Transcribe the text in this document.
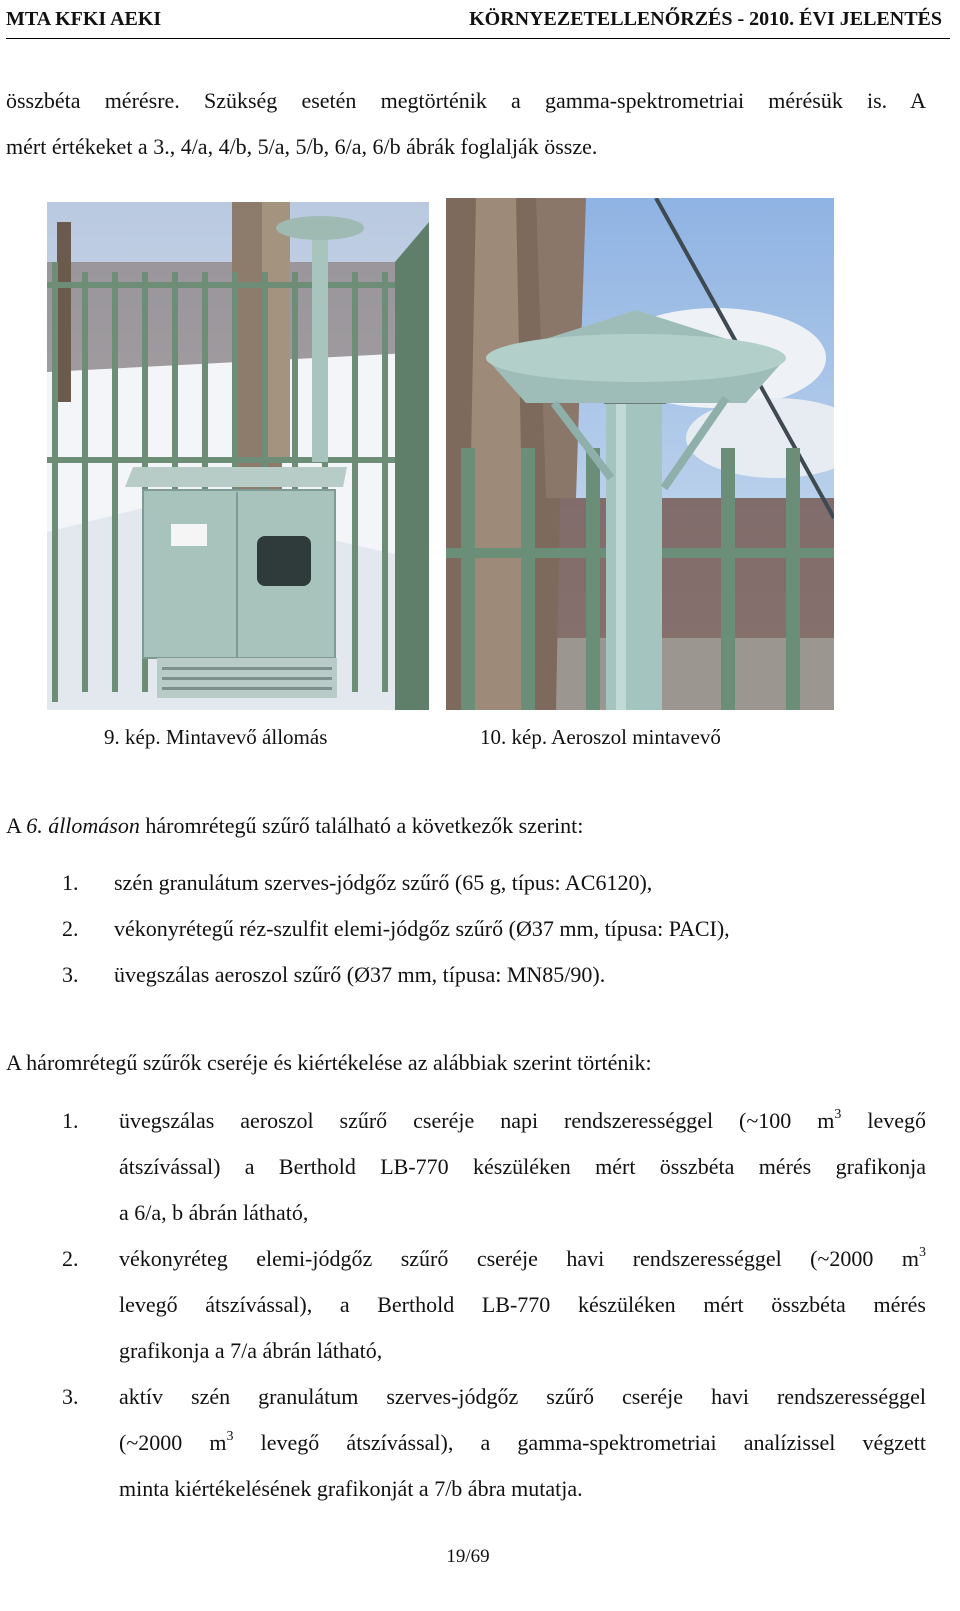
MTA KFKI AEKI	KÖRNYEZETELLENŐRZÉS - 2010. ÉVI JELENTÉS
összbéta mérésre. Szükség esetén megtörténik a gamma-spektrometriai mérésük is. A
mért értékeket a 3., 4/a, 4/b, 5/a, 5/b, 6/a, 6/b ábrák foglalják össze.
9. kép. Mintavevő állomás	10. kép. Aeroszol mintavevő
A 6. állomáson háromrétegű szűrő található a következők szerint:
1. szén granulátum szerves-jódgőz szűrő (65 g, típus: AC6120),
2. vékonyrétegű réz-szulfit elemi-jódgőz szűrő (Ø37 mm, típusa: PACI),
3. üvegszálas aeroszol szűrő (Ø37 mm, típusa: MN85/90).
A háromrétegű szűrők cseréje és kiértékelése az alábbiak szerint történik:
1. üvegszálas aeroszol szűrő cseréje napi rendszerességgel (~100 $m^3$ levegő
átszívással) a Berthold LB-770 készüléken mért összbéta mérés grafikonja
a 6/a, b ábrán látható,
2. vékonyréteg elemi-jódgőz szűrő cseréje havi rendszerességgel (~2000 $m^3$
levegő átszívással), a Berthold LB-770 készüléken mért összbéta mérés
grafikonja a 7/a ábrán látható,
3. aktív szén granulátum szerves-jódgőz szűrő cseréje havi rendszerességgel
(~2000 $m^3$ levegő átszívással), a gamma-spektrometriai analízissel végzett
minta kiértékelésének grafikonját a 7/b ábra mutatja.
19/69
